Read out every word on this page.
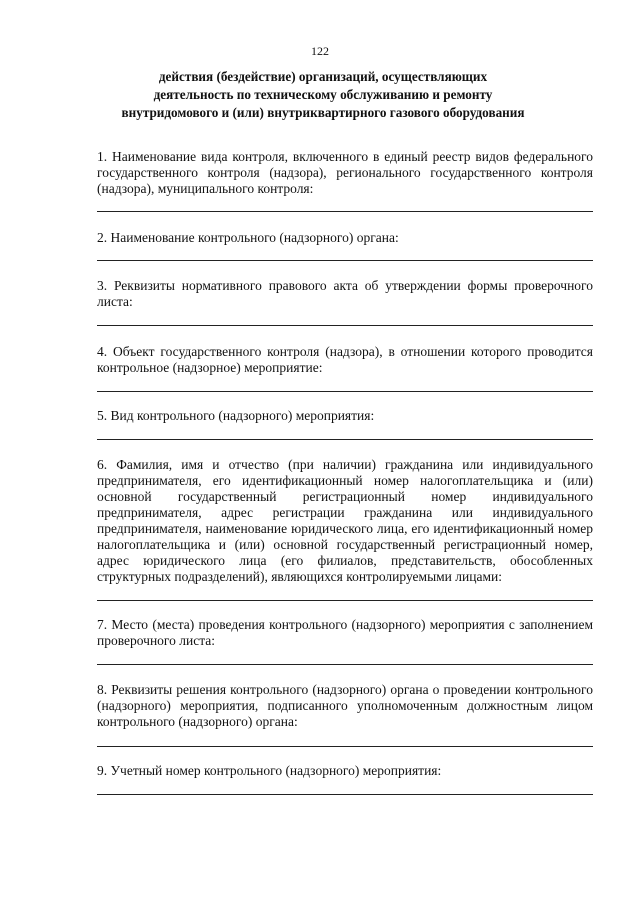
122
действия (бездействие) организаций, осуществляющих
деятельность по техническому обслуживанию и ремонту
внутридомового и (или) внутриквартирного газового оборудования

1. Наименование вида контроля, включенного в единый реестр видов федерального государственного контроля (надзора), регионального государственного контроля (надзора), муниципального контроля:

2. Наименование контрольного (надзорного) органа:

3. Реквизиты нормативного правового акта об утверждении формы проверочного листа:

4. Объект государственного контроля (надзора), в отношении которого проводится контрольное (надзорное) мероприятие:

5. Вид контрольного (надзорного) мероприятия:

6. Фамилия, имя и отчество (при наличии) гражданина или индивидуального предпринимателя, его идентификационный номер налогоплательщика и (или) основной государственный регистрационный номер индивидуального предпринимателя, адрес регистрации гражданина или индивидуального предпринимателя, наименование юридического лица, его идентификационный номер налогоплательщика и (или) основной государственный регистрационный номер, адрес юридического лица (его филиалов, представительств, обособленных структурных подразделений), являющихся контролируемыми лицами:

7. Место (места) проведения контрольного (надзорного) мероприятия с заполнением проверочного листа:

8. Реквизиты решения контрольного (надзорного) органа о проведении контрольного (надзорного) мероприятия, подписанного уполномоченным должностным лицом контрольного (надзорного) органа:

9. Учетный номер контрольного (надзорного) мероприятия:
